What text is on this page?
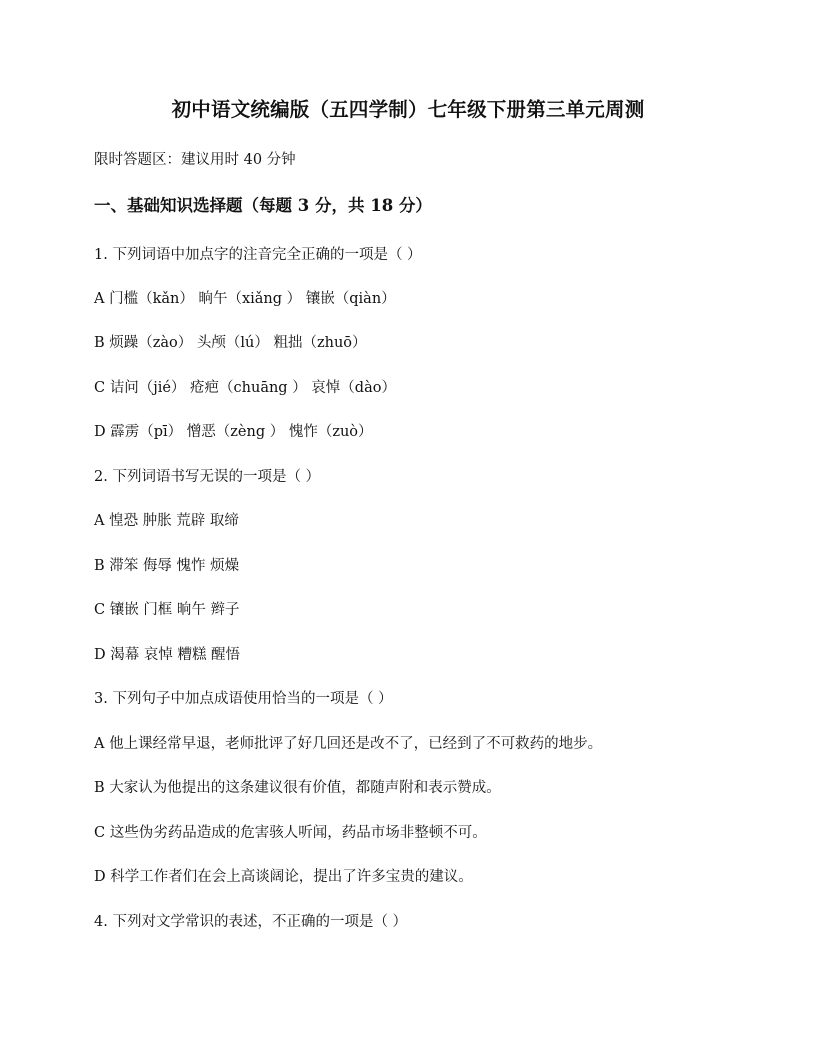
初中语文统编版（五四学制）七年级下册第三单元周测
限时答题区：建议用时 40 分钟
一、基础知识选择题（每题 3 分，共 18 分）
1. 下列词语中加点字的注音完全正确的一项是（ ）
A 门槛（kǎn） 晌午（xiǎng ） 镶嵌（qiàn）
B 烦躁（zào） 头颅（lú） 粗拙（zhuō）
C 诘问（jié） 疮疤（chuāng ） 哀悼（dào）
D 霹雳（pī） 憎恶（zèng ） 愧怍（zuò）
2. 下列词语书写无误的一项是（ ）
A 惶恐 肿胀 荒辟 取缔
B 滞笨 侮辱 愧怍 烦燥
C 镶嵌 门框 晌午 辫子
D 渴幕 哀悼 糟糕 醒悟
3. 下列句子中加点成语使用恰当的一项是（ ）
A 他上课经常早退，老师批评了好几回还是改不了，已经到了不可救药的地步。
B 大家认为他提出的这条建议很有价值，都随声附和表示赞成。
C 这些伪劣药品造成的危害骇人听闻，药品市场非整顿不可。
D 科学工作者们在会上高谈阔论，提出了许多宝贵的建议。
4. 下列对文学常识的表述，不正确的一项是（ ）
